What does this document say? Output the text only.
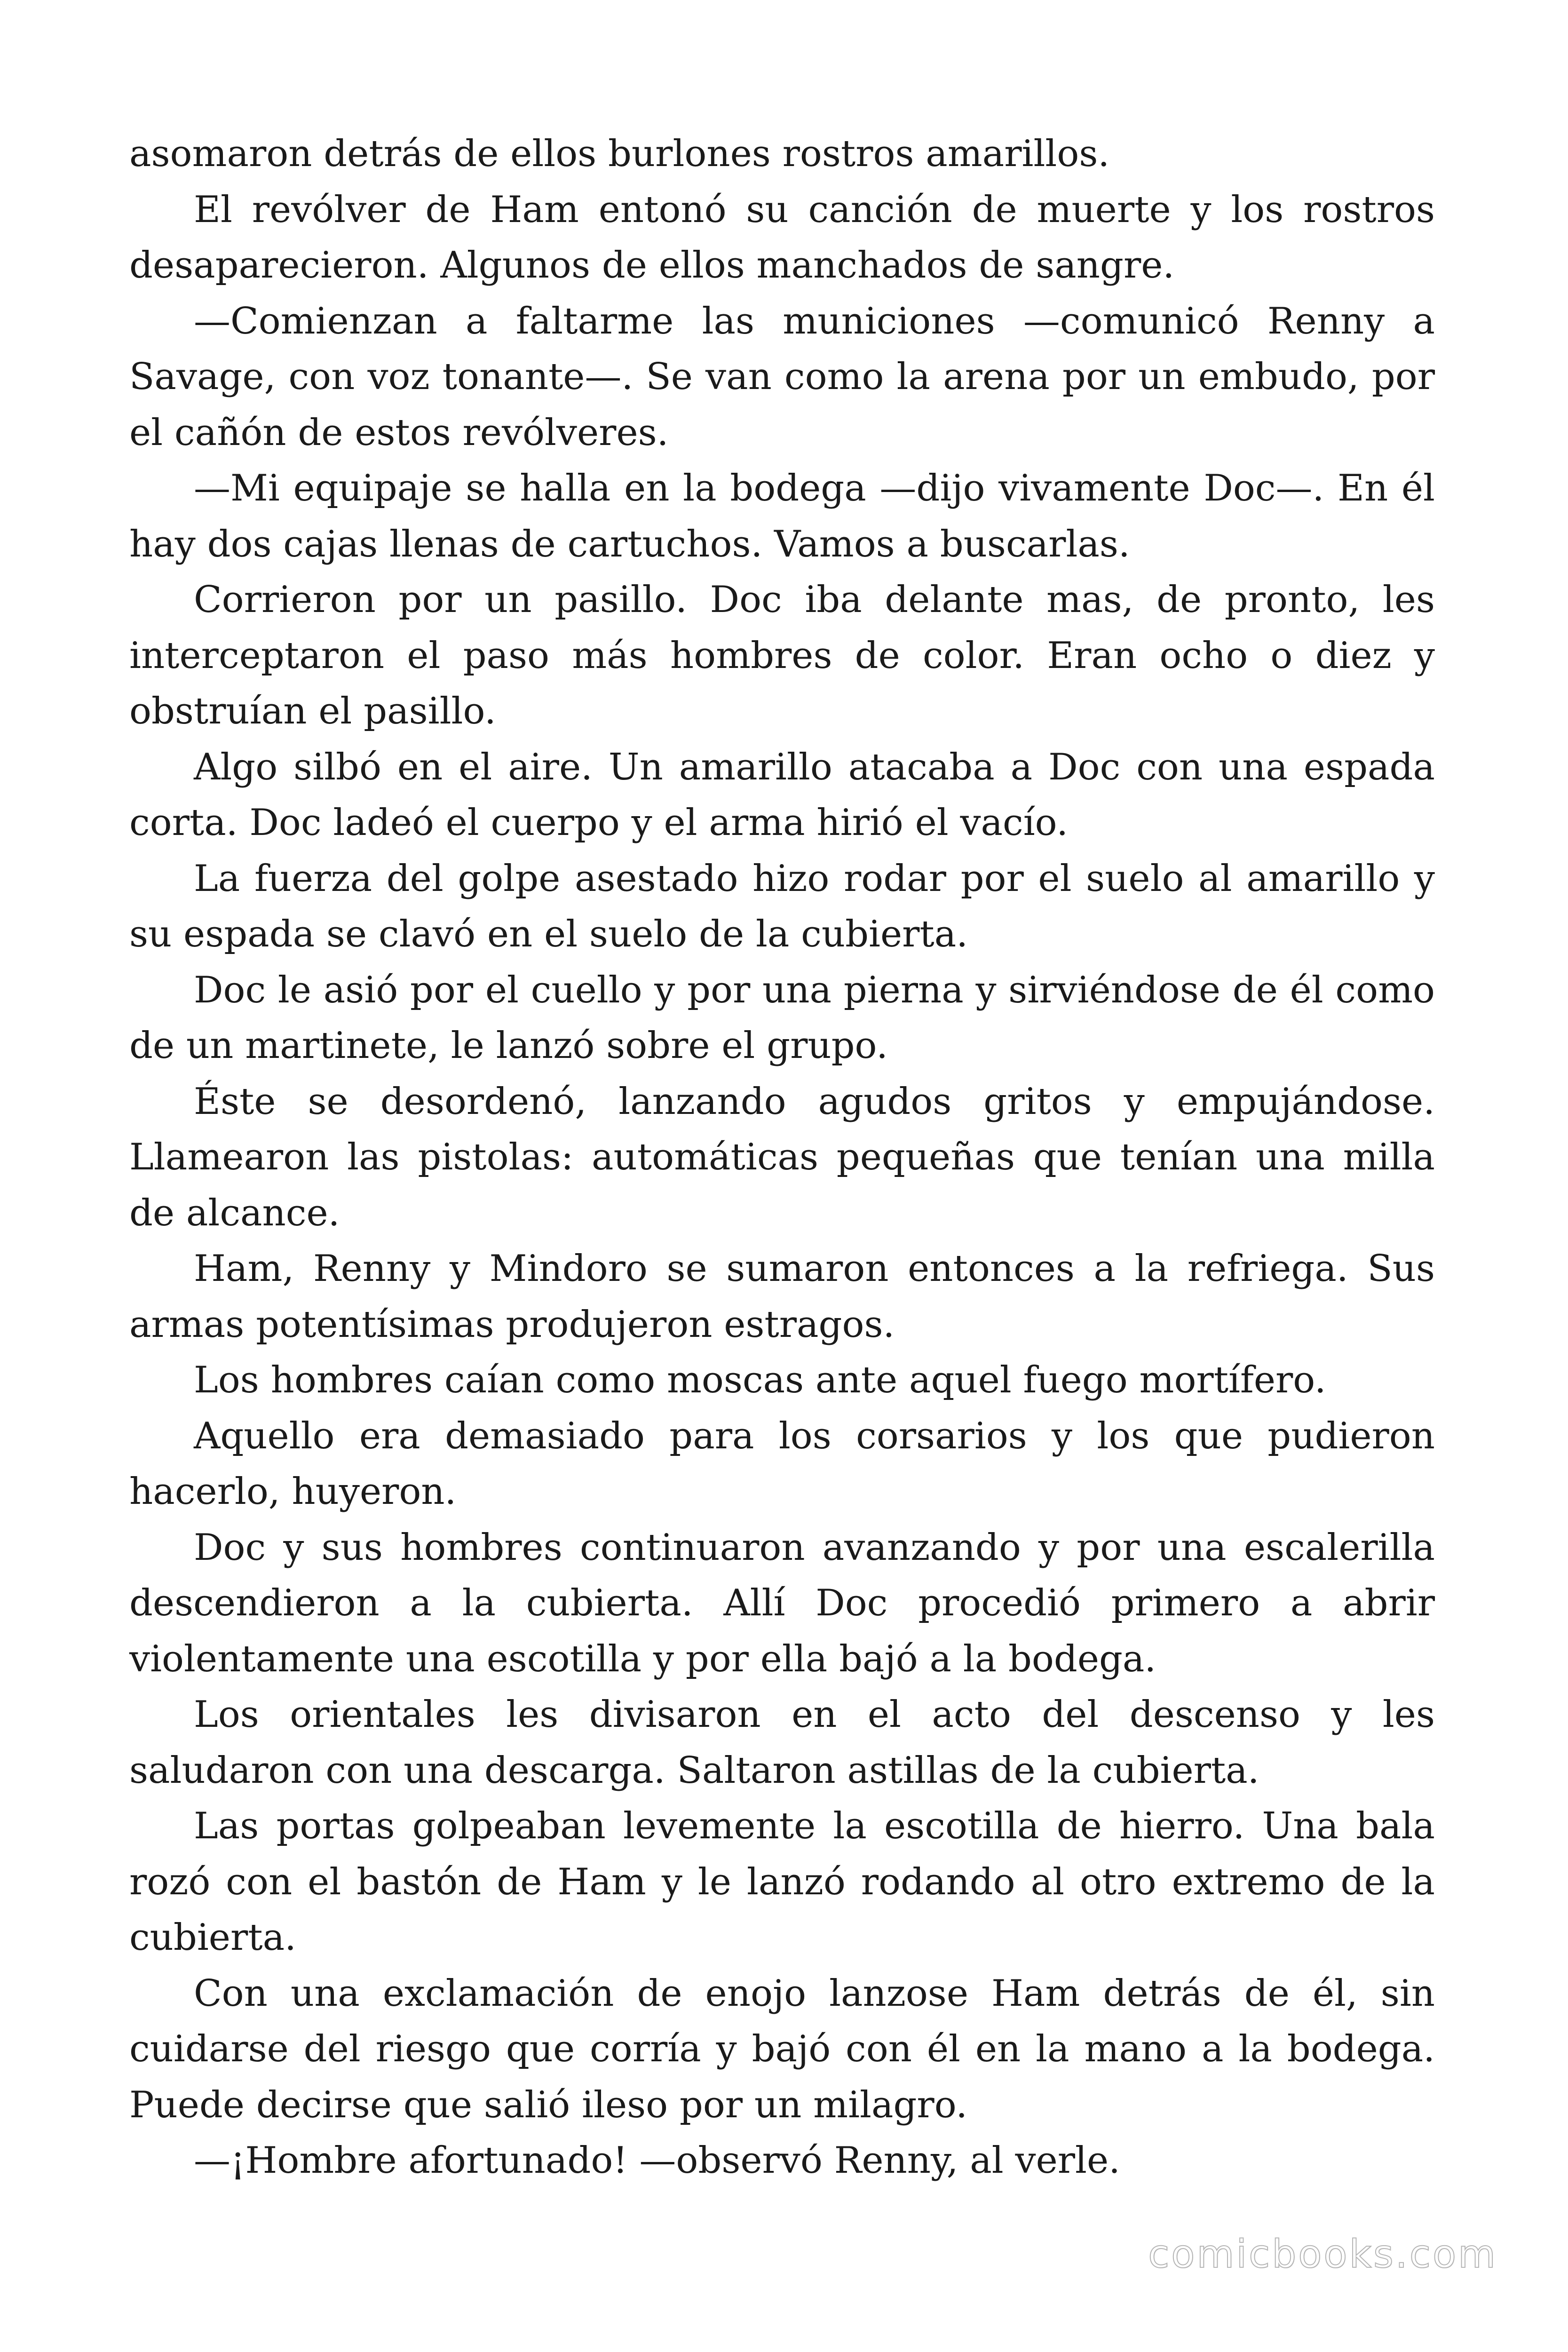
asomaron detrás de ellos burlones rostros amarillos.

El revólver de Ham entonó su canción de muerte y los rostros desaparecieron. Algunos de ellos manchados de sangre.

—Comienzan a faltarme las municiones —comunicó Renny a Savage, con voz tonante—. Se van como la arena por un embudo, por el cañón de estos revólveres.

—Mi equipaje se halla en la bodega —dijo vivamente Doc—. En él hay dos cajas llenas de cartuchos. Vamos a buscarlas.

Corrieron por un pasillo. Doc iba delante mas, de pronto, les interceptaron el paso más hombres de color. Eran ocho o diez y obstruían el pasillo.

Algo silbó en el aire. Un amarillo atacaba a Doc con una espada corta. Doc ladeó el cuerpo y el arma hirió el vacío.

La fuerza del golpe asestado hizo rodar por el suelo al amarillo y su espada se clavó en el suelo de la cubierta.

Doc le asió por el cuello y por una pierna y sirviéndose de él como de un martinete, le lanzó sobre el grupo.

Éste se desordenó, lanzando agudos gritos y empujándose. Llamearon las pistolas: automáticas pequeñas que tenían una milla de alcance.

Ham, Renny y Mindoro se sumaron entonces a la refriega. Sus armas potentísimas produjeron estragos.

Los hombres caían como moscas ante aquel fuego mortífero.

Aquello era demasiado para los corsarios y los que pudieron hacerlo, huyeron.

Doc y sus hombres continuaron avanzando y por una escalerilla descendieron a la cubierta. Allí Doc procedió primero a abrir violentamente una escotilla y por ella bajó a la bodega.

Los orientales les divisaron en el acto del descenso y les saludaron con una descarga. Saltaron astillas de la cubierta.

Las portas golpeaban levemente la escotilla de hierro. Una bala rozó con el bastón de Ham y le lanzó rodando al otro extremo de la cubierta.

Con una exclamación de enojo lanzose Ham detrás de él, sin cuidarse del riesgo que corría y bajó con él en la mano a la bodega. Puede decirse que salió ileso por un milagro.

—¡Hombre afortunado! —observó Renny, al verle.

comicbooks.com
